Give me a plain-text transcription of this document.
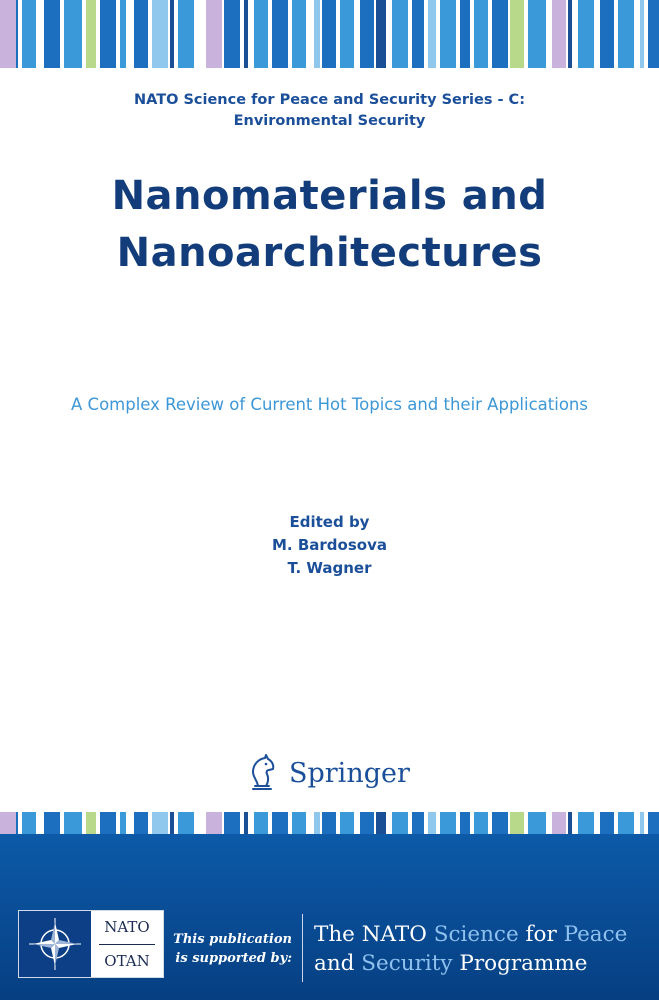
NATO Science for Peace and Security Series - C:
Environmental Security
Nanomaterials and
Nanoarchitectures
A Complex Review of Current Hot Topics and their Applications
Edited by
M. Bardosova
T. Wagner
Springer
NATO
OTAN
This publication
is supported by:
The NATO Science for Peace
and Security Programme
